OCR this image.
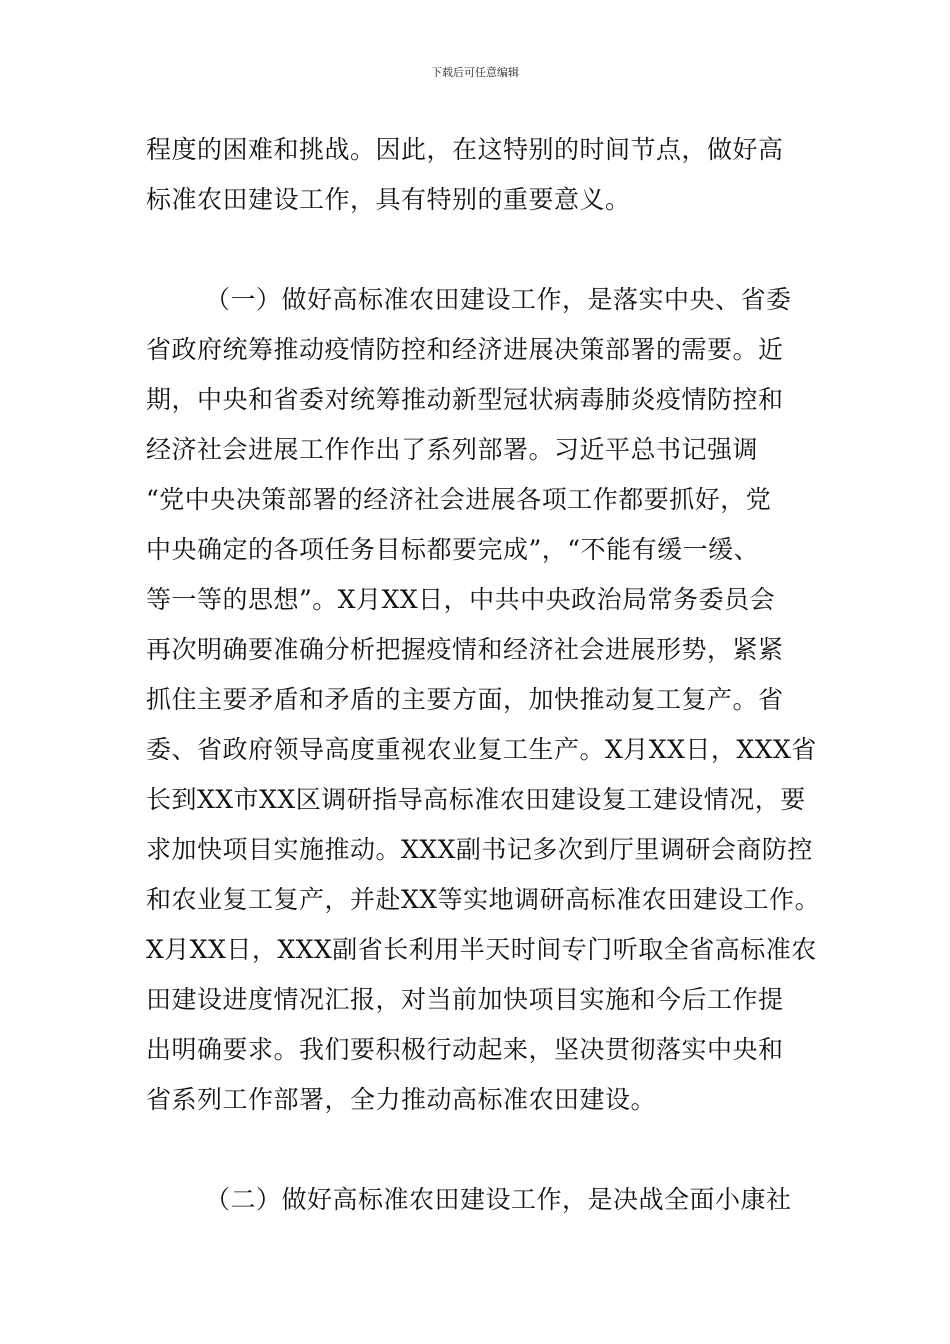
下载后可任意编辑
程度的困难和挑战。因此，在这特别的时间节点，做好高
标准农田建设工作，具有特别的重要意义。
（一）做好高标准农田建设工作，是落实中央、省委
省政府统筹推动疫情防控和经济进展决策部署的需要。近
期，中央和省委对统筹推动新型冠状病毒肺炎疫情防控和
经济社会进展工作作出了系列部署。习近平总书记强调
“党中央决策部署的经济社会进展各项工作都要抓好，党
中央确定的各项任务目标都要完成”，“不能有缓一缓、
等一等的思想”。X月XX日，中共中央政治局常务委员会
再次明确要准确分析把握疫情和经济社会进展形势，紧紧
抓住主要矛盾和矛盾的主要方面，加快推动复工复产。省
委、省政府领导高度重视农业复工生产。X月XX日，XXX省
长到XX市XX区调研指导高标准农田建设复工建设情况，要
求加快项目实施推动。XXX副书记多次到厅里调研会商防控
和农业复工复产，并赴XX等实地调研高标准农田建设工作。
X月XX日，XXX副省长利用半天时间专门听取全省高标准农
田建设进度情况汇报，对当前加快项目实施和今后工作提
出明确要求。我们要积极行动起来，坚决贯彻落实中央和
省系列工作部署，全力推动高标准农田建设。
（二）做好高标准农田建设工作，是决战全面小康社
